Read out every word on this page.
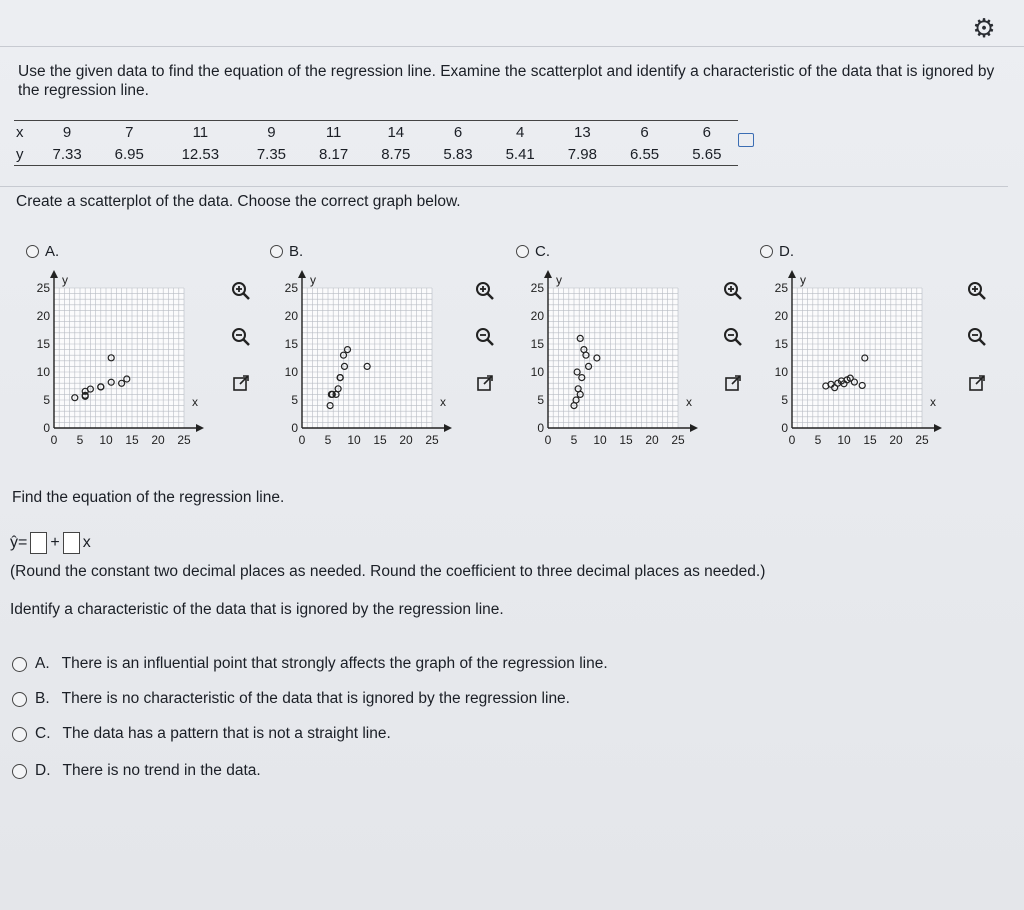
⚙
Use the given data to find the equation of the regression line. Examine the scatterplot and identify a characteristic of the data that is ignored by the regression line.
x	9	7	11	9	11	14	6	4	13	6	6
y	7.33	6.95	12.53	7.35	8.17	8.75	5.83	5.41	7.98	6.55	5.65
Create a scatterplot of the data. Choose the correct graph below.
A.	B.	C.	D.
0 5 10 15 20 25
0
5
10
15
20
25
x
y
0 5 10 15 20 25
0
5
10
15
20
25
x
y
0 5 10 15 20 25
0
5
10
15
20
25
x
y
0 5 10 15 20 25
0
5
10
15
20
25
x
y
Find the equation of the regression line.
ŷ = + x
(Round the constant two decimal places as needed. Round the coefficient to three decimal places as needed.)
Identify a characteristic of the data that is ignored by the regression line.
A. There is an influential point that strongly affects the graph of the regression line.
B. There is no characteristic of the data that is ignored by the regression line.
C. The data has a pattern that is not a straight line.
D. There is no trend in the data.
